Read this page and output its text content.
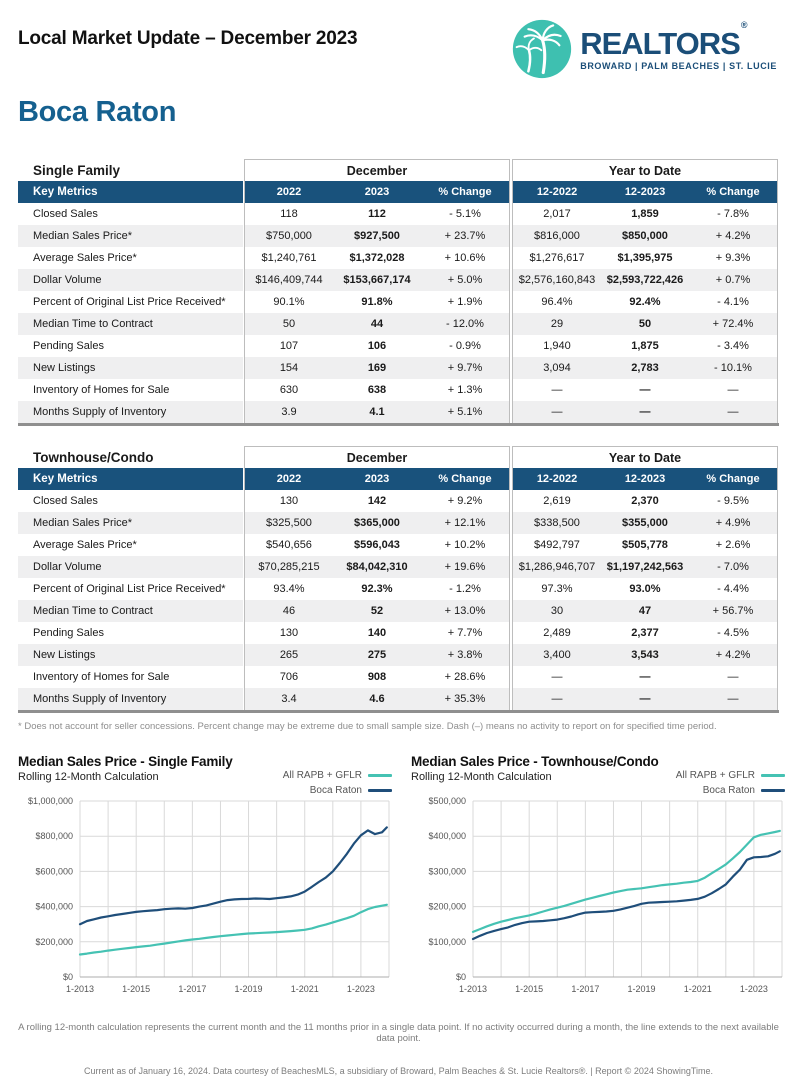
Local Market Update – December 2023	REALTORS®
BROWARD | PALM BEACHES | ST. LUCIE
Boca Raton
Single Family	December	Year to Date
Key Metrics	2022	2023	% Change	12-2022	12-2023	% Change
Closed Sales	118	112	- 5.1%	2,017	1,859	- 7.8%
Median Sales Price*	$750,000	$927,500	+ 23.7%	$816,000	$850,000	+ 4.2%
Average Sales Price*	$1,240,761	$1,372,028	+ 10.6%	$1,276,617	$1,395,975	+ 9.3%
Dollar Volume	$146,409,744	$153,667,174	+ 5.0%	$2,576,160,843	$2,593,722,426	+ 0.7%
Percent of Original List Price Received*	90.1%	91.8%	+ 1.9%	96.4%	92.4%	- 4.1%
Median Time to Contract	50	44	- 12.0%	29	50	+ 72.4%
Pending Sales	107	106	- 0.9%	1,940	1,875	- 3.4%
New Listings	154	169	+ 9.7%	3,094	2,783	- 10.1%
Inventory of Homes for Sale	630	638	+ 1.3%	—	—	—
Months Supply of Inventory	3.9	4.1	+ 5.1%	—	—	—
Townhouse/Condo	December	Year to Date
Key Metrics	2022	2023	% Change	12-2022	12-2023	% Change
Closed Sales	130	142	+ 9.2%	2,619	2,370	- 9.5%
Median Sales Price*	$325,500	$365,000	+ 12.1%	$338,500	$355,000	+ 4.9%
Average Sales Price*	$540,656	$596,043	+ 10.2%	$492,797	$505,778	+ 2.6%
Dollar Volume	$70,285,215	$84,042,310	+ 19.6%	$1,286,946,707	$1,197,242,563	- 7.0%
Percent of Original List Price Received*	93.4%	92.3%	- 1.2%	97.3%	93.0%	- 4.4%
Median Time to Contract	46	52	+ 13.0%	30	47	+ 56.7%
Pending Sales	130	140	+ 7.7%	2,489	2,377	- 4.5%
New Listings	265	275	+ 3.8%	3,400	3,543	+ 4.2%
Inventory of Homes for Sale	706	908	+ 28.6%	—	—	—
Months Supply of Inventory	3.4	4.6	+ 35.3%	—	—	—
* Does not account for seller concessions. Percent change may be extreme due to small sample size. Dash (–) means no activity to report on for specified time period.
Median Sales Price - Single Family
Rolling 12-Month Calculation	All RAPB + GFLR
Boca Raton
$0
$200,000
$400,000
$600,000
$800,000
$1,000,000
1-2013	1-2015	1-2017	1-2019	1-2021	1-2023
Median Sales Price - Townhouse/Condo
Rolling 12-Month Calculation	All RAPB + GFLR
Boca Raton
$0
$100,000
$200,000
$300,000
$400,000
$500,000
1-2013	1-2015	1-2017	1-2019	1-2021	1-2023
A rolling 12-month calculation represents the current month and the 11 months prior in a single data point. If no activity occurred during a month, the line extends to the next available data point.
Current as of January 16, 2024. Data courtesy of BeachesMLS, a subsidiary of Broward, Palm Beaches & St. Lucie Realtors®. | Report © 2024 ShowingTime.
